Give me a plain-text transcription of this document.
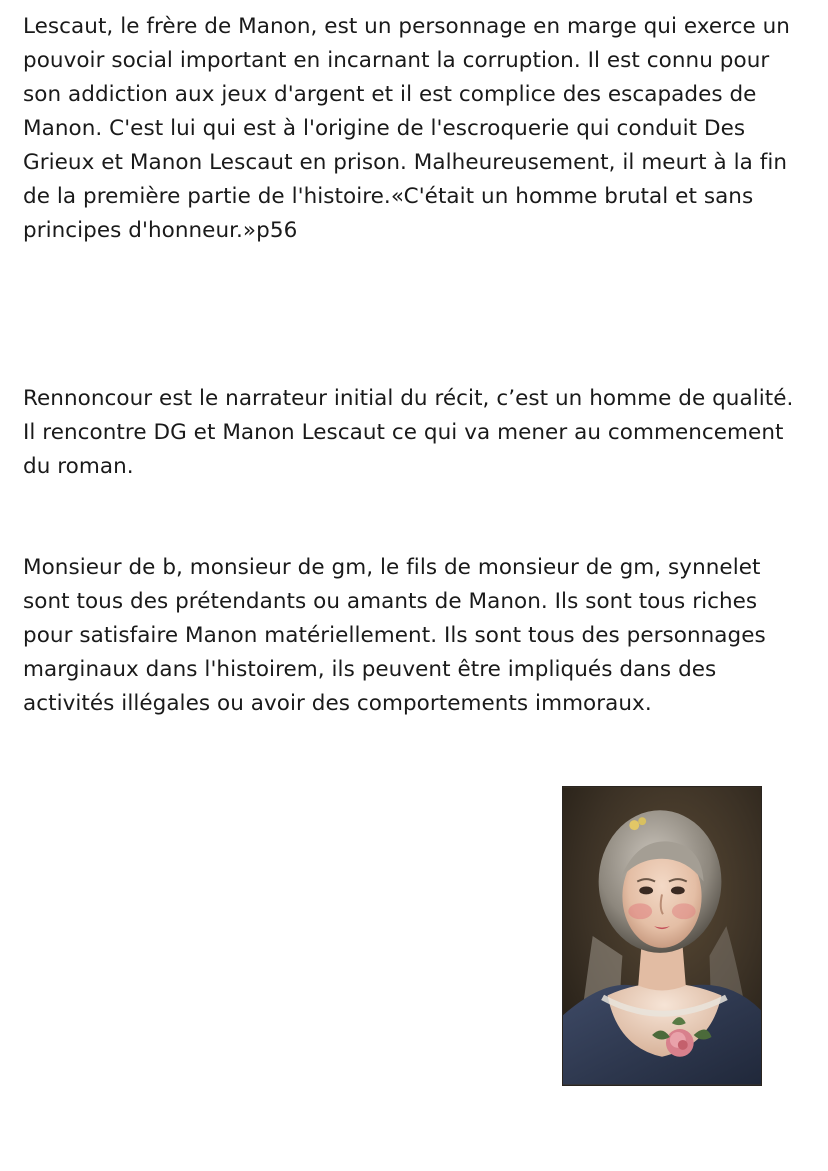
Lescaut, le frère de Manon, est un personnage en marge qui exerce un pouvoir social important en incarnant la corruption. Il est connu pour son addiction aux jeux d'argent et il est complice des escapades de Manon. C'est lui qui est à l'origine de l'escroquerie qui conduit Des Grieux et Manon Lescaut en prison. Malheureusement, il meurt à la fin de la première partie de l'histoire.«C'était un homme brutal et sans principes d'honneur.»p56

Rennoncour est le narrateur initial du récit, c’est un homme de qualité. Il rencontre DG et Manon Lescaut ce qui va mener au commencement du roman.

Monsieur de b, monsieur de gm, le fils de monsieur de gm, synnelet sont tous des prétendants ou amants de Manon. Ils sont tous riches pour satisfaire Manon matériellement. Ils sont tous des personnages marginaux dans l'histoirem, ils peuvent être impliqués dans des activités illégales ou avoir des comportements immoraux.
